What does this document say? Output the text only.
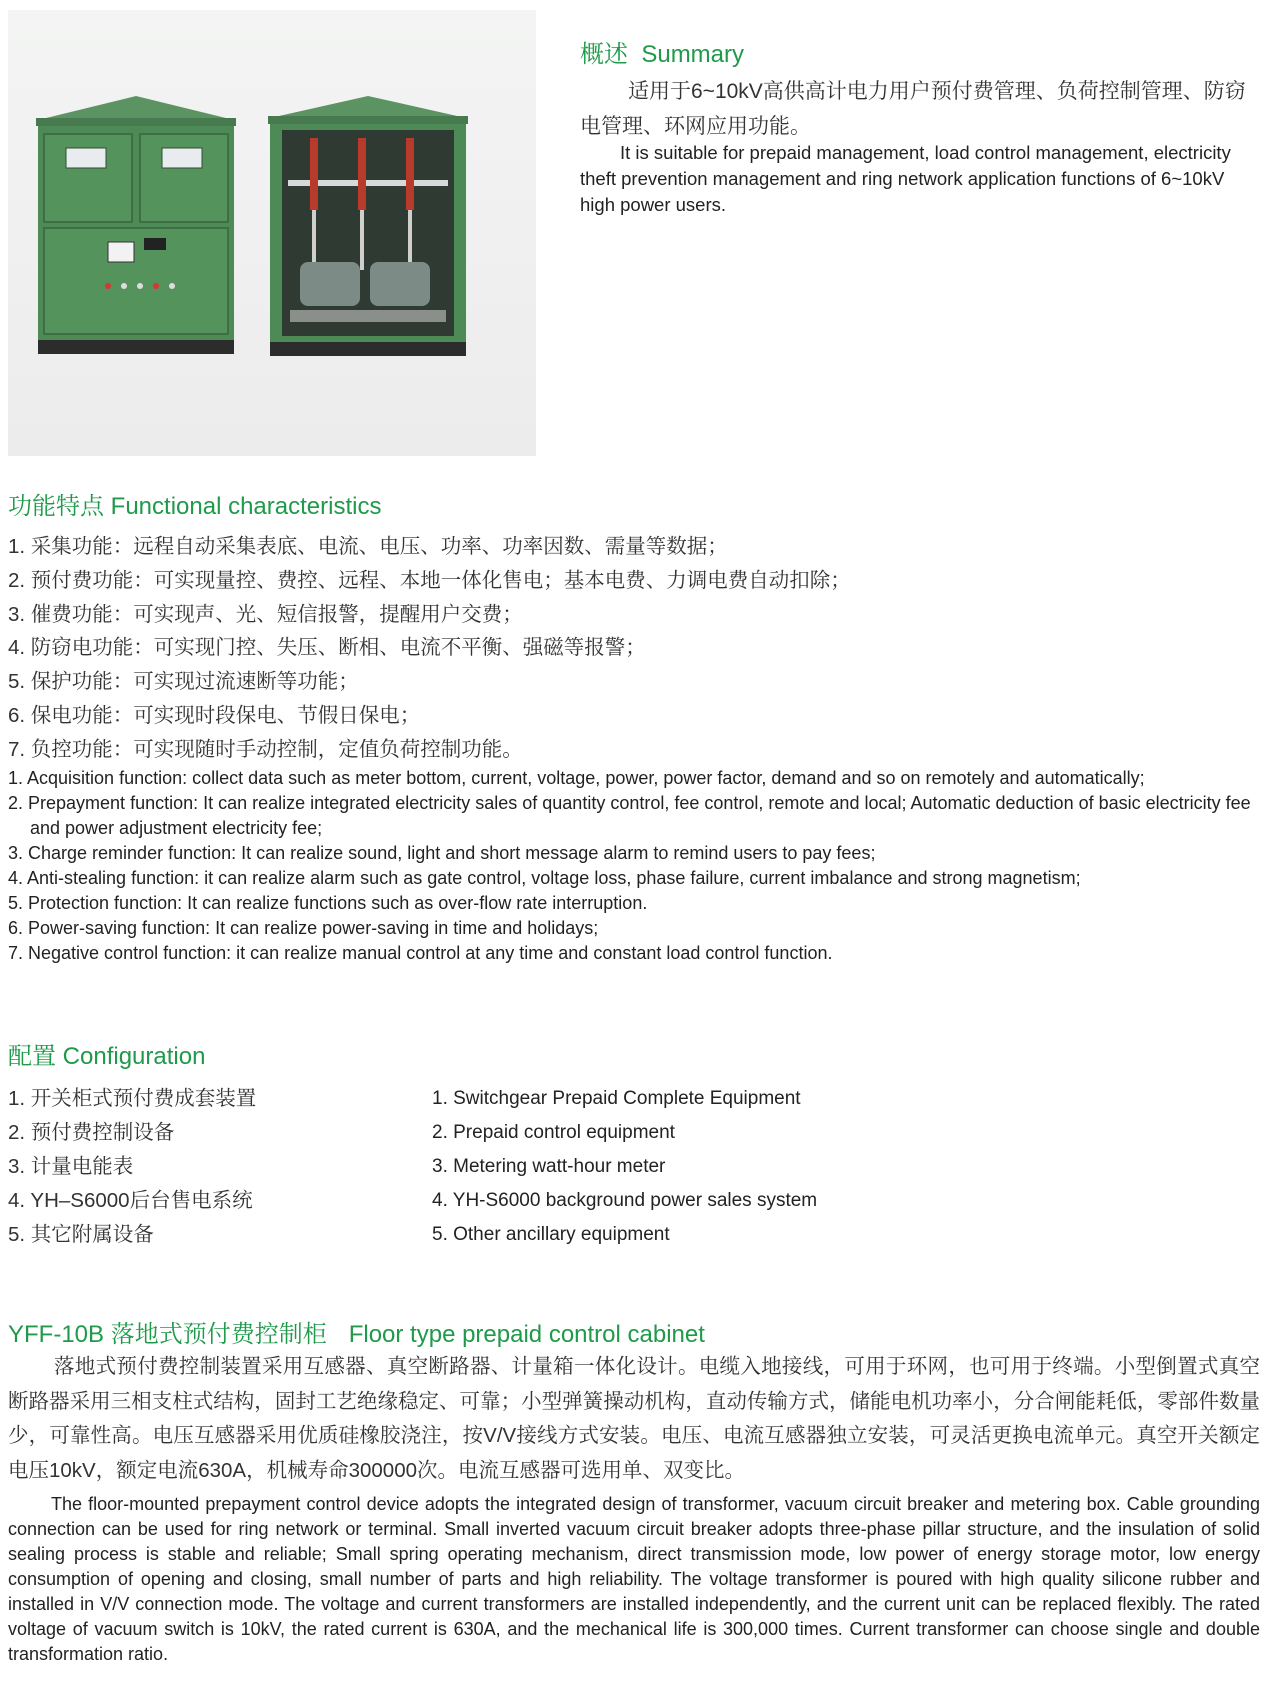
概述  Summary
适用于6~10kV高供高计电力用户预付费管理、负荷控制管理、防窃电管理、环网应用功能。
It is suitable for prepaid management, load control management, electricity theft prevention management and ring network application functions of 6~10kV high power users.
功能特点 Functional characteristics
1. 采集功能：远程自动采集表底、电流、电压、功率、功率因数、需量等数据；
2. 预付费功能：可实现量控、费控、远程、本地一体化售电；基本电费、力调电费自动扣除；
3. 催费功能：可实现声、光、短信报警，提醒用户交费；
4. 防窃电功能：可实现门控、失压、断相、电流不平衡、强磁等报警；
5. 保护功能：可实现过流速断等功能；
6. 保电功能：可实现时段保电、节假日保电；
7. 负控功能：可实现随时手动控制，定值负荷控制功能。
1. Acquisition function: collect data such as meter bottom, current, voltage, power, power factor, demand and so on remotely and automatically;
2. Prepayment function: It can realize integrated electricity sales of quantity control, fee control, remote and local; Automatic deduction of basic electricity fee and power adjustment electricity fee;
3. Charge reminder function: It can realize sound, light and short message alarm to remind users to pay fees;
4. Anti-stealing function: it can realize alarm such as gate control, voltage loss, phase failure, current imbalance and strong magnetism;
5. Protection function: It can realize functions such as over-flow rate interruption.
6. Power-saving function: It can realize power-saving in time and holidays;
7. Negative control function: it can realize manual control at any time and constant load control function.
配置 Configuration
1. 开关柜式预付费成套装置
2. 预付费控制设备
3. 计量电能表
4. YH–S6000后台售电系统
5. 其它附属设备
1. Switchgear Prepaid Complete Equipment
2. Prepaid control equipment
3. Metering watt-hour meter
4. YH-S6000 background power sales system
5. Other ancillary equipment
YFF-10B 落地式预付费控制柜 Floor type prepaid control cabinet
落地式预付费控制装置采用互感器、真空断路器、计量箱一体化设计。电缆入地接线，可用于环网，也可用于终端。小型倒置式真空断路器采用三相支柱式结构，固封工艺绝缘稳定、可靠；小型弹簧操动机构，直动传输方式，储能电机功率小，分合闸能耗低，零部件数量少，可靠性高。电压互感器采用优质硅橡胶浇注，按V/V接线方式安装。电压、电流互感器独立安装，可灵活更换电流单元。真空开关额定电压10kV，额定电流630A，机械寿命300000次。电流互感器可选用单、双变比。
The floor-mounted prepayment control device adopts the integrated design of transformer, vacuum circuit breaker and metering box. Cable grounding connection can be used for ring network or terminal. Small inverted vacuum circuit breaker adopts three-phase pillar structure, and the insulation of solid sealing process is stable and reliable; Small spring operating mechanism, direct transmission mode, low power of energy storage motor, low energy consumption of opening and closing, small number of parts and high reliability. The voltage transformer is poured with high quality silicone rubber and installed in V/V connection mode. The voltage and current transformers are installed independently, and the current unit can be replaced flexibly. The rated voltage of vacuum switch is 10kV, the rated current is 630A, and the mechanical life is 300,000 times. Current transformer can choose single and double transformation ratio.
